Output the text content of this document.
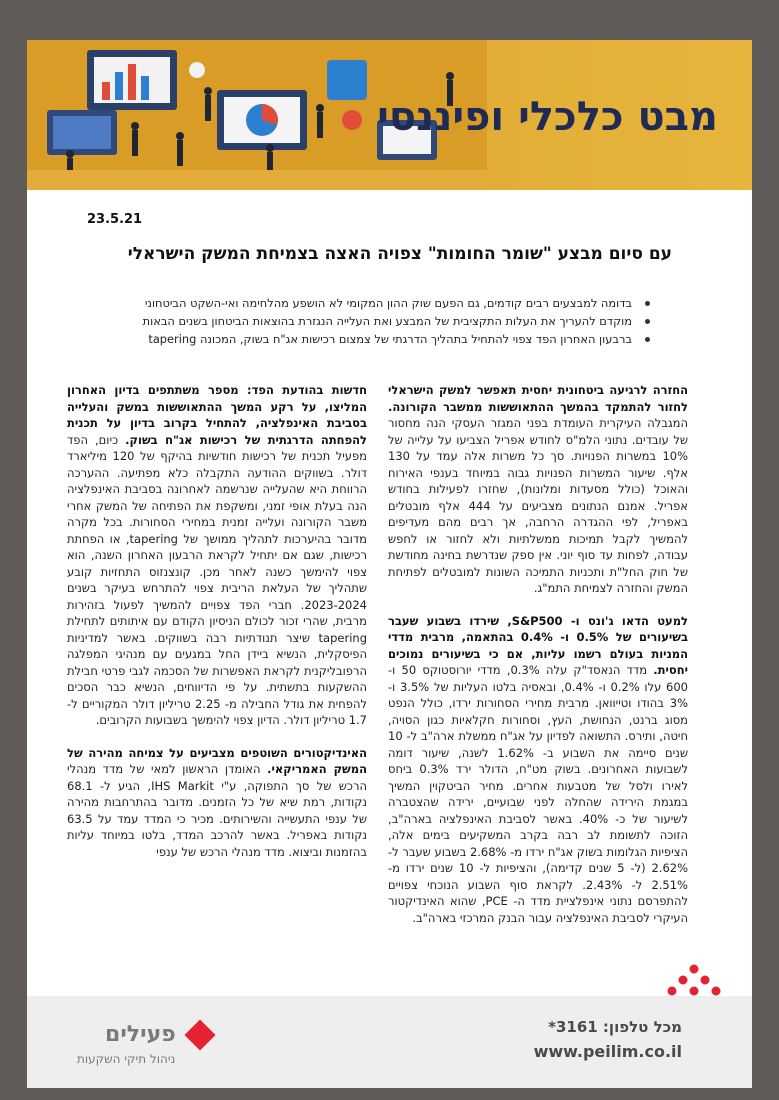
מבט כלכלי ופיננסי
23.5.21
עם סיום מבצע "שומר החומות" צפויה האצה בצמיחת המשק הישראלי
בדומה למבצעים רבים קודמים, גם הפעם שוק ההון המקומי לא הושפע מהלחימה ואי-השקט הביטחוני
מוקדם להעריך את העלות התקציבית של המבצע ואת העלייה הנגזרת בהוצאות הביטחון בשנים הבאות
ברבעון האחרון הפד צפוי להתחיל בתהליך הדרגתי של צמצום רכישות אג"ח בשוק, המכונה tapering

החזרה לרגיעה ביטחונית יחסית תאפשר למשק הישראלי לחזור להתמקד בהמשך ההתאוששות ממשבר הקורונה. המגבלה העיקרית העומדת בפני המגזר העסקי הנה מחסור של עובדים. נתוני הלמ"ס לחודש אפריל הצביעו על עלייה של 10% במשרות הפנויות. סך כל משרות אלה עמד על 130 אלף. שיעור המשרות הפנויות גבוה במיוחד בענפי האירוח והאוכל (כולל מסעדות ומלונות), שחזרו לפעילות בחודש אפריל. אמנם הנתונים מצביעים על 444 אלף מובטלים באפריל, לפי ההגדרה הרחבה, אך רבים מהם מעדיפים להמשיך לקבל תמיכות ממשלתיות ולא לחזור או לחפש עבודה, לפחות עד סוף יוני. אין ספק שנדרשת בחינה מחודשת של חוק החל"ת ותכניות התמיכה השונות למובטלים לפתיחת המשק והחזרה לצמיחת התמ"ג.

למעט הדאו ג'ונס ו- S&P500, שירדו בשבוע שעבר בשיעורים של 0.5% ו- 0.4% בהתאמה, מרבית מדדי המניות בעולם רשמו עליות, אם כי בשיעורים נמוכים יחסית. מדד הנאסד"ק עלה 0.3%, מדדי יורוסטוקס 50 ו- 600 עלו 0.2% ו- 0.4%, ובאסיה בלטו העליות של 3.5% ו- 3% בהודו וטייוואן. מרבית מחירי הסחורות ירדו, כולל הנפט מסוג ברנט, הנחושת, העץ, וסחורות חקלאיות כגון הסויה, חיטה, ותירס. התשואה לפדיון על אג"ח ממשלת ארה"ב ל- 10 שנים סיימה את השבוע ב- 1.62% לשנה, שיעור דומה לשבועות האחרונים. בשוק מט"ח, הדולר ירד 0.3% ביחס לאירו ולסל של מטבעות אחרים. מחיר הביטקוין המשיך במגמת הירידה שהחלה לפני שבועיים, ירידה שהצטברה לשיעור של כ- 40%. באשר לסביבת האינפלציה בארה"ב, הזוכה לתשומת לב רבה בקרב המשקיעים בימים אלה, הציפיות הגלומות בשוק אג"ח ירדו מ- 2.68% בשבוע שעבר ל- 2.62% (ל- 5 שנים קדימה), והציפיות ל- 10 שנים ירדו מ- 2.51% ל- 2.43%. לקראת סוף השבוע הנוכחי צפויים להתפרסם נתוני אינפלציית מדד ה- PCE, שהוא האינדיקטור העיקרי לסביבת האינפלציה עבור הבנק המרכזי בארה"ב.

חדשות בהודעת הפד: מספר משתתפים בדיון האחרון המליצו, על רקע המשך ההתאוששות במשק והעלייה בסביבת האינפלציה, להתחיל בקרוב בדיון על תכנית להפחתה הדרגתית של רכישות אג"ח בשוק. כיום, הפד מפעיל תכנית של רכישות חודשיות בהיקף של 120 מיליארד דולר. בשווקים ההודעה התקבלה כלא מפתיעה. ההערכה הרווחת היא שהעלייה שנרשמה לאחרונה בסביבת האינפלציה הנה בעלת אופי זמני, ומשקפת את הפתיחה של המשק אחרי משבר הקורונה ועלייה זמנית במחירי הסחורות. בכל מקרה מדובר בהיערכות לתהליך ממושך של tapering, או הפחתת רכישות, שגם אם יתחיל לקראת הרבעון האחרון השנה, הוא צפוי להימשך כשנה לאחר מכן. קונצנזוס התחזיות קובע שתהליך של העלאת הריבית צפוי להתרחש בעיקר בשנים 2023-2024. חברי הפד צפויים להמשיך לפעול בזהירות מרבית, שהרי זכור לכולם הניסיון הקודם עם איתותים לתחילת tapering שיצר תנודתיות רבה בשווקים. באשר למדיניות הפיסקלית, הנשיא ביידן החל במגעים עם מנהיגי המפלגה הרפובליקנית לקראת האפשרות של הסכמה לגבי פרטי חבילת ההשקעות בתשתית. על פי הדיווחים, הנשיא כבר הסכים להפחית את גודל החבילה מ- 2.25 טריליון דולר המקוריים ל- 1.7 טריליון דולר. הדיון צפוי להימשך בשבועות הקרובים.

האינדיקטורים השוטפים מצביעים על צמיחה מהירה של המשק האמריקאי. האומדן הראשון למאי של מדד מנהלי הרכש של סך התפוקה, ע"י IHS Markit, הגיע ל- 68.1 נקודות, רמת שיא של כל הזמנים. מדובר בהתרחבות מהירה של ענפי התעשייה והשירותים. מכיר כי המדד עמד על 63.5 נקודות באפריל. באשר להרכב המדד, בלטו במיוחד עליות בהזמנות וביצוא. מדד מנהלי הרכש של ענפי

פעילים
ניהול תיקי השקעות
מכל טלפון: 3161*
www.peilim.co.il
